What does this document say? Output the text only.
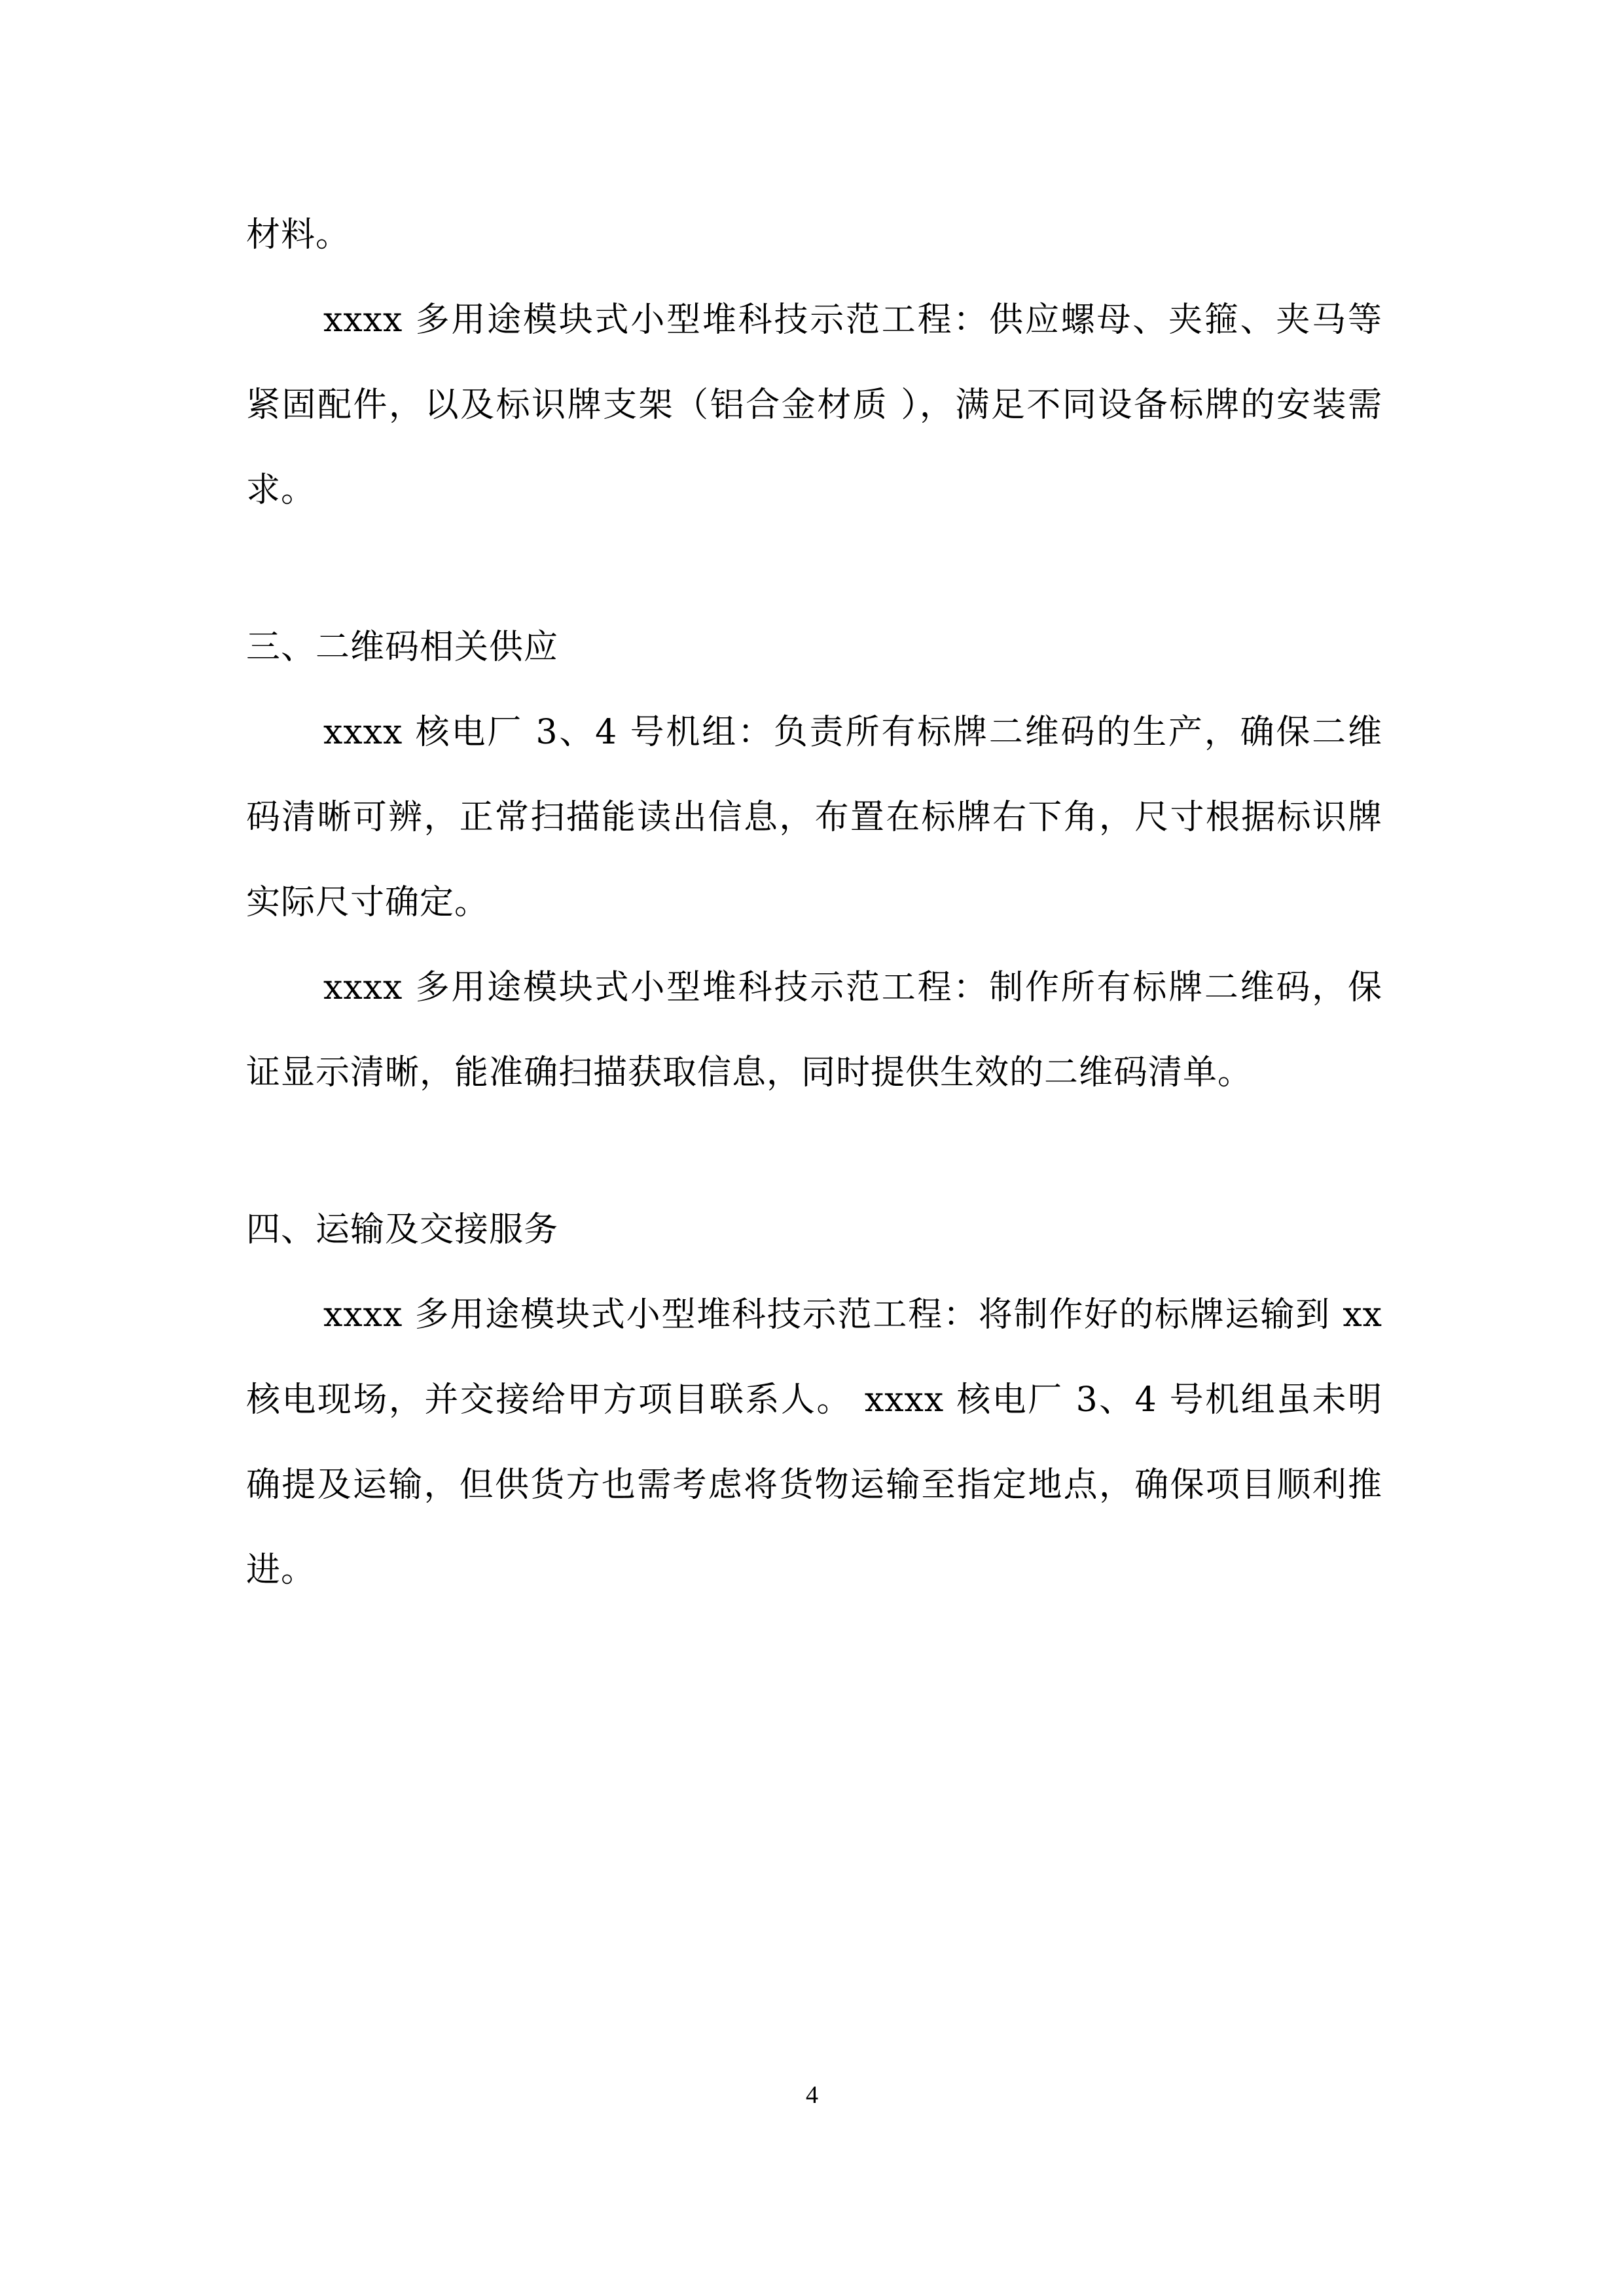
材料。
xxxx 多用途模块式小型堆科技示范工程：供应螺母、夹箍、夹马等紧固配件，以及标识牌支架（铝合金材质 ），满足不同设备标牌的安装需求。
三、二维码相关供应
xxxx 核电厂 3、4 号机组：负责所有标牌二维码的生产，确保二维码清晰可辨，正常扫描能读出信息，布置在标牌右下角，尺寸根据标识牌实际尺寸确定。
xxxx 多用途模块式小型堆科技示范工程：制作所有标牌二维码，保证显示清晰，能准确扫描获取信息，同时提供生效的二维码清单。
四、运输及交接服务
xxxx 多用途模块式小型堆科技示范工程：将制作好的标牌运输到 xx 核电现场，并交接给甲方项目联系人。 xxxx 核电厂 3、4 号机组虽未明确提及运输，但供货方也需考虑将货物运输至指定地点，确保项目顺利推进。
4
